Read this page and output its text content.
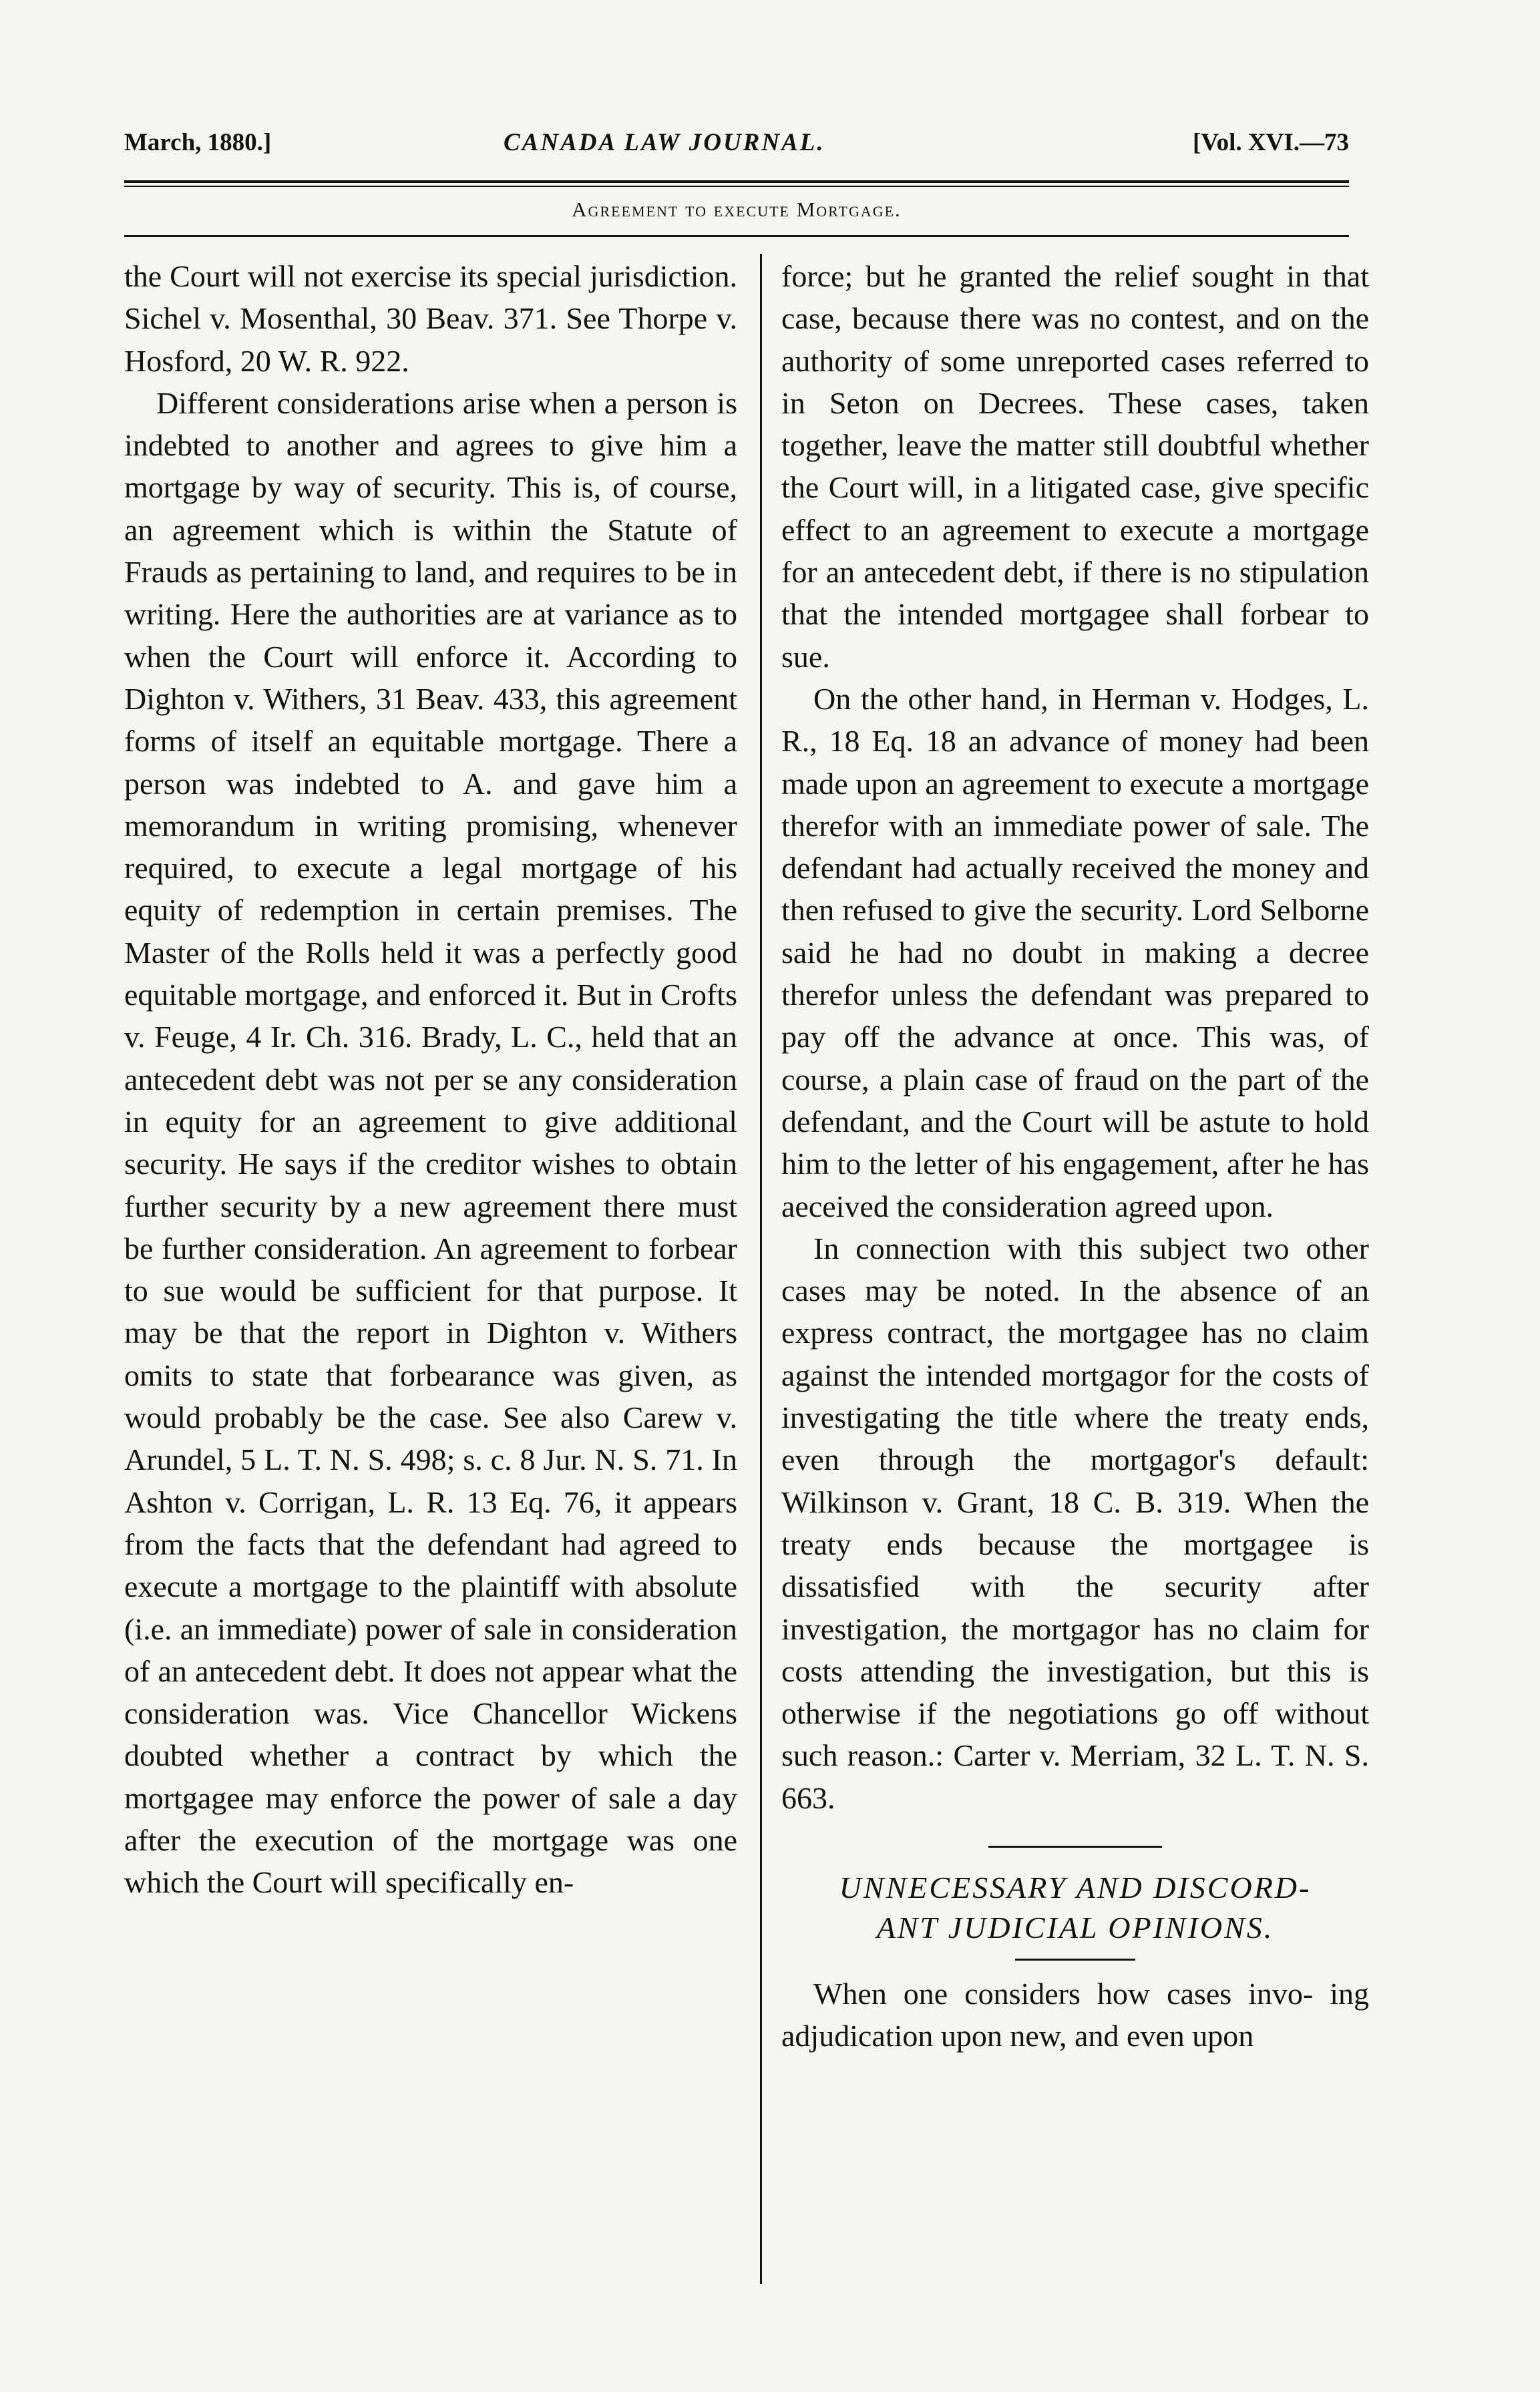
March, 1880.]	CANADA LAW JOURNAL.	[Vol. XVI.—73
Agreement to execute Mortgage.

the Court will not exercise its special jurisdiction. Sichel v. Mosenthal, 30 Beav. 371. See Thorpe v. Hosford, 20 W. R. 922.

Different considerations arise when a person is indebted to another and agrees to give him a mortgage by way of security. This is, of course, an agreement which is within the Statute of Frauds as pertaining to land, and requires to be in writing. Here the authorities are at variance as to when the Court will enforce it. According to Dighton v. Withers, 31 Beav. 433, this agreement forms of itself an equitable mortgage. There a person was indebted to A. and gave him a memorandum in writing promising, whenever required, to execute a legal mortgage of his equity of redemption in certain premises. The Master of the Rolls held it was a perfectly good equitable mortgage, and enforced it. But in Crofts v. Feuge, 4 Ir. Ch. 316. Brady, L. C., held that an antecedent debt was not per se any consideration in equity for an agreement to give additional security. He says if the creditor wishes to obtain further security by a new agreement there must be further consideration. An agreement to forbear to sue would be sufficient for that purpose. It may be that the report in Dighton v. Withers omits to state that forbearance was given, as would probably be the case. See also Carew v. Arundel, 5 L. T. N. S. 498; s. c. 8 Jur. N. S. 71. In Ashton v. Corrigan, L. R. 13 Eq. 76, it appears from the facts that the defendant had agreed to execute a mortgage to the plaintiff with absolute (i.e. an immediate) power of sale in consideration of an antecedent debt. It does not appear what the consideration was. Vice Chancellor Wickens doubted whether a contract by which the mortgagee may enforce the power of sale a day after the execution of the mortgage was one which the Court will specifically en-

force; but he granted the relief sought in that case, because there was no contest, and on the authority of some unreported cases referred to in Seton on Decrees. These cases, taken together, leave the matter still doubtful whether the Court will, in a litigated case, give specific effect to an agreement to execute a mortgage for an antecedent debt, if there is no stipulation that the intended mortgagee shall forbear to sue.

On the other hand, in Herman v. Hodges, L. R., 18 Eq. 18 an advance of money had been made upon an agreement to execute a mortgage therefor with an immediate power of sale. The defendant had actually received the money and then refused to give the security. Lord Selborne said he had no doubt in making a decree therefor unless the defendant was prepared to pay off the advance at once. This was, of course, a plain case of fraud on the part of the defendant, and the Court will be astute to hold him to the letter of his engagement, after he has aeceived the consideration agreed upon.

In connection with this subject two other cases may be noted. In the absence of an express contract, the mortgagee has no claim against the intended mortgagor for the costs of investigating the title where the treaty ends, even through the mortgagor's default: Wilkinson v. Grant, 18 C. B. 319. When the treaty ends because the mortgagee is dissatisfied with the security after investigation, the mortgagor has no claim for costs attending the investigation, but this is otherwise if the negotiations go off without such reason.: Carter v. Merriam, 32 L. T. N. S. 663.

UNNECESSARY AND DISCORD-
ANT JUDICIAL OPINIONS.

When one considers how cases invo- ing adjudication upon new, and even upon
